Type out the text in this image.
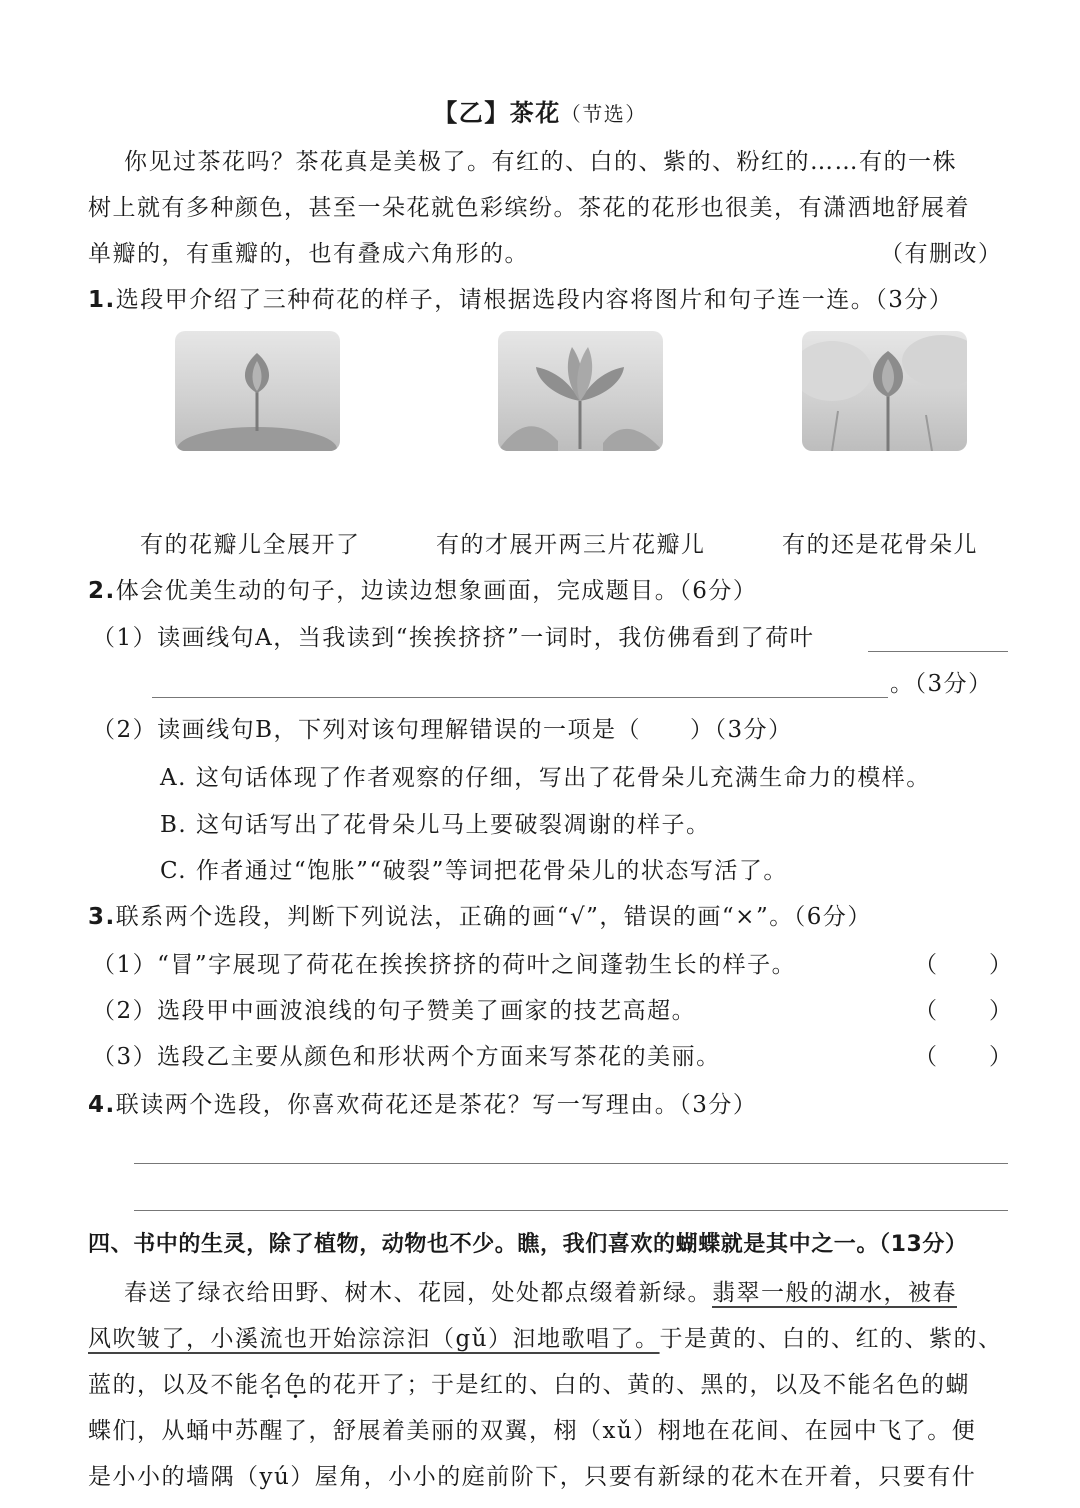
【乙】茶花（节选）
你见过茶花吗？茶花真是美极了。有红的、白的、紫的、粉红的……有的一株
树上就有多种颜色，甚至一朵花就色彩缤纷。茶花的花形也很美，有潇洒地舒展着
单瓣的，有重瓣的，也有叠成六角形的。	（有删改）
1.选段甲介绍了三种荷花的样子，请根据选段内容将图片和句子连一连。（3分）
有的花瓣儿全展开了	有的才展开两三片花瓣儿	有的还是花骨朵儿
2.体会优美生动的句子，边读边想象画面，完成题目。（6分）
（1）读画线句A，当我读到“挨挨挤挤”一词时，我仿佛看到了荷叶
。（3分）
（2）读画线句B，下列对该句理解错误的一项是（　　）（3分）
A. 这句话体现了作者观察的仔细，写出了花骨朵儿充满生命力的模样。
B. 这句话写出了花骨朵儿马上要破裂凋谢的样子。
C. 作者通过“饱胀”“破裂”等词把花骨朵儿的状态写活了。
3.联系两个选段，判断下列说法，正确的画“√”，错误的画“×”。（6分）
（1）“冒”字展现了荷花在挨挨挤挤的荷叶之间蓬勃生长的样子。	（　　）
（2）选段甲中画波浪线的句子赞美了画家的技艺高超。	（　　）
（3）选段乙主要从颜色和形状两个方面来写茶花的美丽。	（　　）
4.联读两个选段，你喜欢荷花还是茶花？写一写理由。（3分）
四、书中的生灵，除了植物，动物也不少。瞧，我们喜欢的蝴蝶就是其中之一。（13分）
春送了绿衣给田野、树木、花园，处处都点缀着新绿。翡翠一般的湖水，被春
风吹皱了，小溪流也开始淙淙汩（gǔ）汩地歌唱了。于是黄的、白的、红的、紫的、
蓝的，以及不能名色的花开了；于是红的、白的、黄的、黑的，以及不能名色的蝴
蝶们，从蛹中苏醒了，舒展着美丽的双翼，栩（xǔ）栩地在花间、在园中飞了。便
是小小的墙隅（yú）屋角，小小的庭前阶下，只要有新绿的花木在开着，只要有什
